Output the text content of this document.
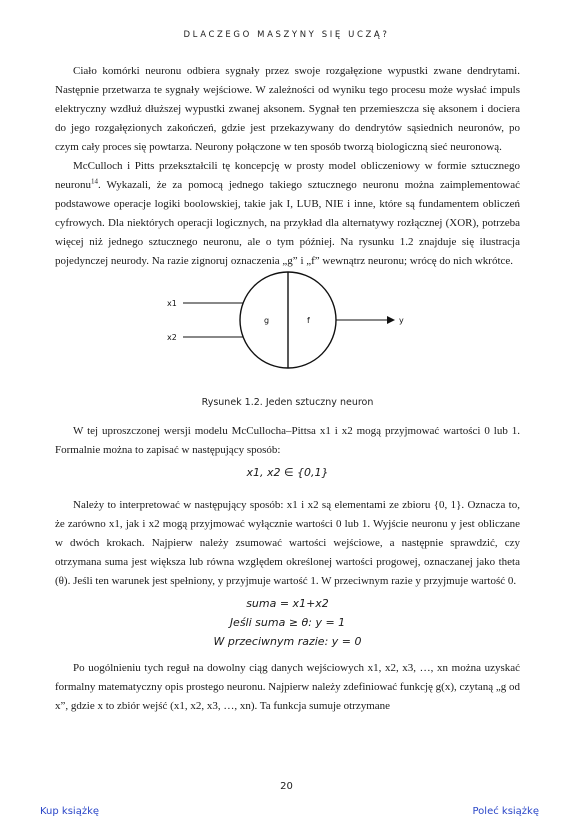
DLACZEGO MASZYNY SIĘ UCZĄ?

Ciało komórki neuronu odbiera sygnały przez swoje rozgałęzione wypustki zwane dendrytami. Następnie przetwarza te sygnały wejściowe. W zależności od wyniku tego procesu może wysłać impuls elektryczny wzdłuż dłuższej wypustki zwanej aksonem. Sygnał ten przemieszcza się aksonem i dociera do jego rozgałęzionych zakończeń, gdzie jest przekazywany do dendrytów sąsiednich neuronów, po czym cały proces się powtarza. Neurony połączone w ten sposób tworzą biologiczną sieć neuronową.

McCulloch i Pitts przekształcili tę koncepcję w prosty model obliczeniowy w formie sztucznego neuronu$^{14}$. Wykazali, że za pomocą jednego takiego sztucznego neuronu można zaimplementować podstawowe operacje logiki boolowskiej, takie jak I, LUB, NIE i inne, które są fundamentem obliczeń cyfrowych. Dla niektórych operacji logicznych, na przykład dla alternatywy rozłącznej (XOR), potrzeba więcej niż jednego sztucznego neuronu, ale o tym później. Na rysunku 1.2 znajduje się ilustracja pojedynczej neurody. Na razie zignoruj oznaczenia „g” i „f” wewnątrz neuronu; wrócę do nich wkrótce.

x1
x2
g	f	y
Rysunek 1.2. Jeden sztuczny neuron

W tej uproszczonej wersji modelu McCullocha–Pittsa x1 i x2 mogą przyjmować wartości 0 lub 1. Formalnie można to zapisać w następujący sposób:

x1, x2 ∈ {0,1}

Należy to interpretować w następujący sposób: x1 i x2 są elementami ze zbioru {0, 1}. Oznacza to, że zarówno x1, jak i x2 mogą przyjmować wyłącznie wartości 0 lub 1. Wyjście neuronu y jest obliczane w dwóch krokach. Najpierw należy zsumować wartości wejściowe, a następnie sprawdzić, czy otrzymana suma jest większa lub równa względem określonej wartości progowej, oznaczanej jako theta (θ). Jeśli ten warunek jest spełniony, y przyjmuje wartość 1. W przeciwnym razie y przyjmuje wartość 0.

suma = x1+x2
Jeśli suma ≥ θ: y = 1
W przeciwnym razie: y = 0

Po uogólnieniu tych reguł na dowolny ciąg danych wejściowych x1, x2, x3, …, xn można uzyskać formalny matematyczny opis prostego neuronu. Najpierw należy zdefiniować funkcję g(x), czytaną „g od x”, gdzie x to zbiór wejść (x1, x2, x3, …, xn). Ta funkcja sumuje otrzymane

20
Kup książkę	Poleć książkę
